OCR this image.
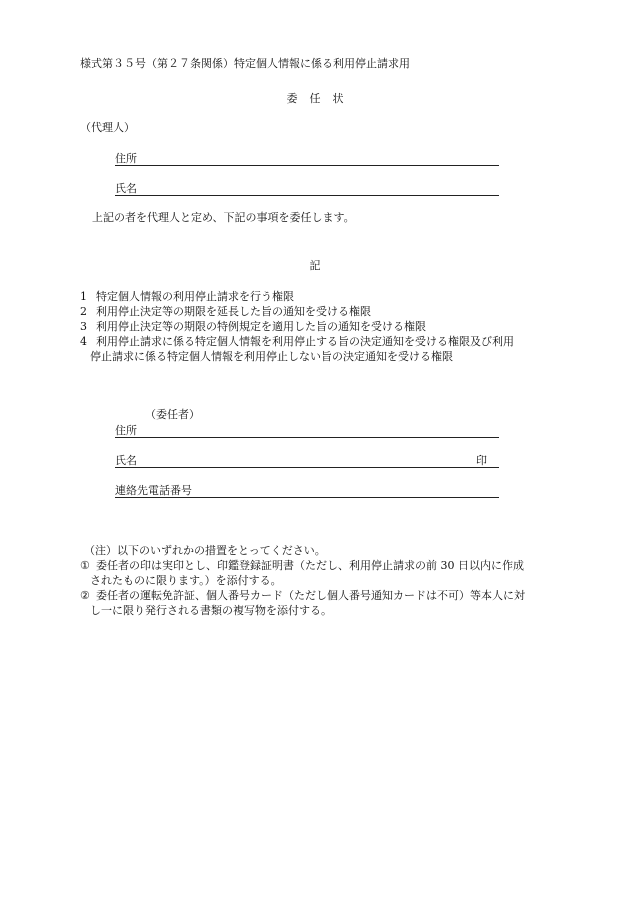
様式第３５号（第２７条関係）特定個人情報に係る利用停止請求用
委任状
（代理人）
住所
氏名
上記の者を代理人と定め、下記の事項を委任します。
記
1 特定個人情報の利用停止請求を行う権限
2 利用停止決定等の期限を延長した旨の通知を受ける権限
3 利用停止決定等の期限の特例規定を適用した旨の通知を受ける権限
4 利用停止請求に係る特定個人情報を利用停止する旨の決定通知を受ける権限及び利用
停止請求に係る特定個人情報を利用停止しない旨の決定通知を受ける権限
（委任者）
住所
氏名	印
連絡先電話番号
（注）以下のいずれかの措置をとってください。
① 委任者の印は実印とし、印鑑登録証明書（ただし、利用停止請求の前 30 日以内に作成
されたものに限ります。）を添付する。
② 委任者の運転免許証、個人番号カード（ただし個人番号通知カードは不可）等本人に対
し一に限り発行される書類の複写物を添付する。
